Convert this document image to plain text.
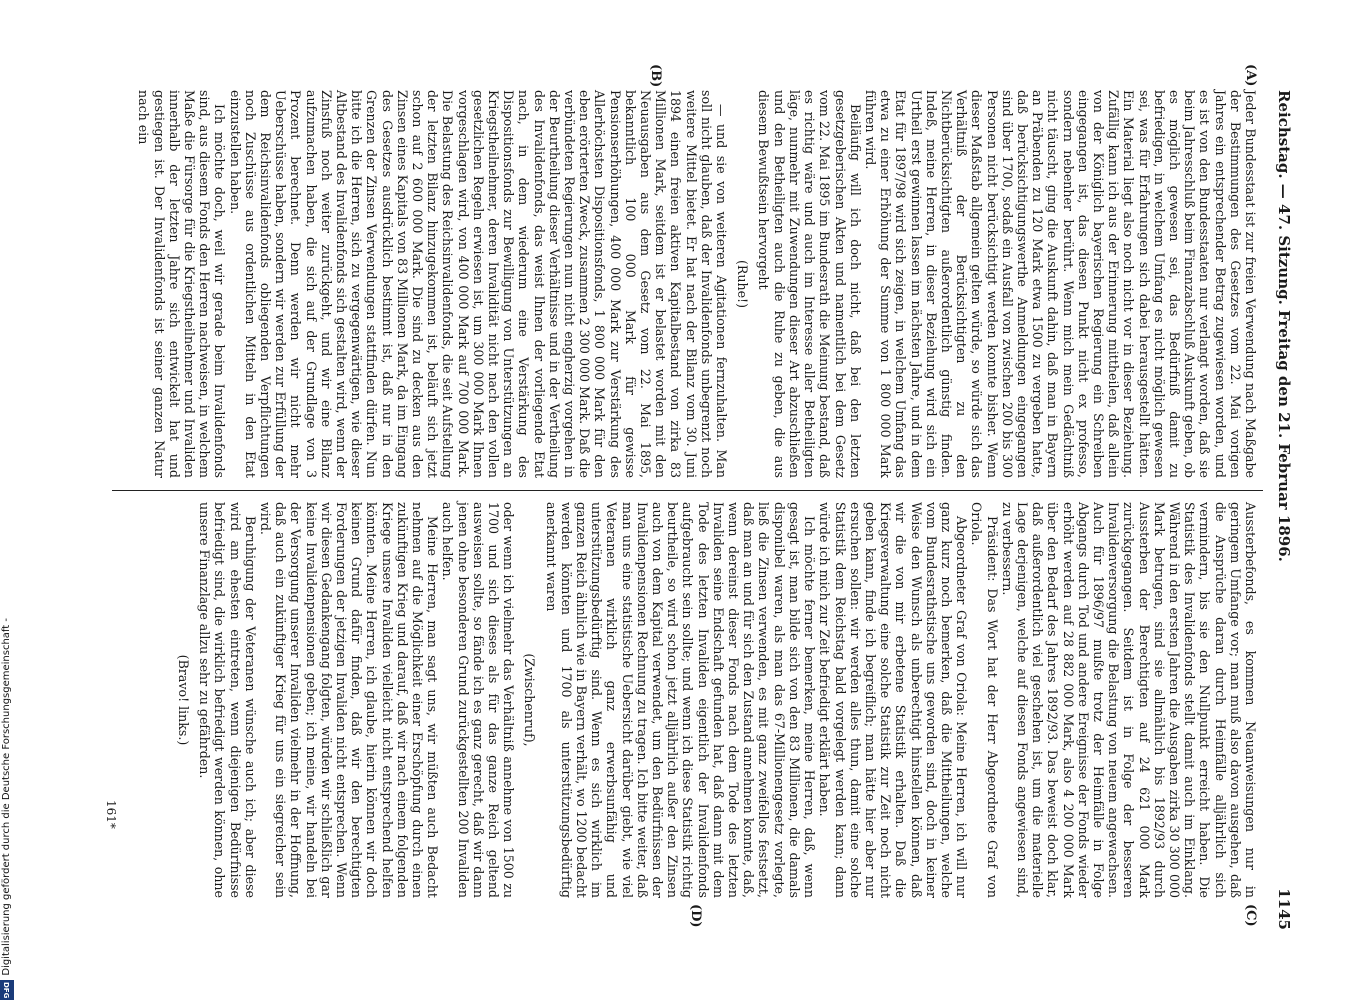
Reichstag. — 47. Sitzung. Freitag den 21. Februar 1896.
1145
(A)
(B)
(C)
(D)

Jeder Bundesstaat ist zur freien Verwendung nach Maßgabe der Bestimmungen des Gesetzes vom 22. Mai vorigen Jahres ein entsprechender Betrag zugewiesen worden, und es ist von den Bundesstaaten nur verlangt worden, daß sie beim Jahresschluß beim Finanzabschluß Auskunft geben, ob es möglich gewesen sei, das Bedürfniß damit zu befriedigen, in welchem Umfang es nicht möglich gewesen sei, was für Erfahrungen sich dabei herausgestellt hätten. Ein Material liegt also noch nicht vor in dieser Beziehung. Zufällig kann ich aus der Erinnerung mittheilen, daß allein von der Königlich bayerischen Regierung ein Schreiben eingegangen ist, das diesen Punkt nicht ex professo, sondern nebenher berührt. Wenn mich mein Gedächtniß nicht täuscht, ging die Auskunft dahin, daß man in Bayern an Präbenden zu 120 Mark etwa 1500 zu vergeben hatte, daß berücksichtigungswerthe Anmeldungen eingegangen sind über 1700, sodaß ein Ausfall von zwischen 200 bis 300 Personen nicht berücksichtigt werden konnte bisher. Wenn dieser Maßstab allgemein gelten würde, so würde sich das Verhältniß der Berücksichtigten zu den Nichtberücksichtigten außerordentlich günstig finden. Indeß, meine Herren, in dieser Beziehung wird sich ein Urtheil erst gewinnen lassen im nächsten Jahre, und in dem Etat für 1897/98 wird sich zeigen, in welchem Umfang das etwa zu einer Erhöhung der Summe von 1 800 000 Mark führen wird.

Beiläufig will ich doch nicht, daß bei den letzten gesetzgeberischen Akten und namentlich bei dem Gesetz vom 22. Mai 1895 im Bundesrath die Meinung bestand, daß es richtig wäre und auch im Interesse aller Betheiligten läge, nunmehr mit Zuwendungen dieser Art abzuschließen und den Betheiligten auch die Ruhe zu geben, die aus diesem Bewußtsein hervorgeht

(Ruhe!)

— und sie von weiteren Agitationen fernzuhalten. Man soll nicht glauben, daß der Invalidenfonds unbegrenzt noch weitere Mittel bietet. Er hat nach der Bilanz vom 30. Juni 1894 einen freien aktiven Kapitalbestand von zirka 83 Millionen Mark, seitdem ist er belastet worden mit den Neuausgaben aus dem Gesetz vom 22. Mai 1895, bekanntlich 100 000 Mark für gewisse Pensionserhöhungen, 400 000 Mark zur Verstärkung des Allerhöchsten Dispositionsfonds, 1 800 000 Mark für den eben erörterten Zweck, zusammen 2 300 000 Mark. Daß die verbündeten Regierungen nun nicht engherzig vorgehen in der Beurtheilung dieser Verhältnisse und in der Vertheilung des Invalidenfonds, das weist Ihnen der vorliegende Etat nach, in dem wiederum eine Verstärkung des Dispositionsfonds zur Bewilligung von Unterstützungen an Kriegstheilnehmer, deren Invalidität nicht nach den vollen gesetzlichen Regeln erwiesen ist, um 300 000 Mark Ihnen vorgeschlagen wird, von 400 000 Mark auf 700 000 Mark. Die Belastung des Reichsinvalidenfonds, die seit Aufstellung der letzten Bilanz hinzugekommen ist, beläuft sich jetzt schon auf 2 600 000 Mark. Die sind zu decken aus den Zinsen eines Kapitals von 83 Millionen Mark, da im Eingang des Gesetzes ausdrücklich bestimmt ist, daß nur in den Grenzen der Zinsen Verwendungen stattfinden dürfen. Nun bitte ich die Herren, sich zu vergegenwärtigen, wie dieser Altbestand des Invalidenfonds sich gestalten wird, wenn der Zinsfuß noch weiter zurückgeht, und wir eine Bilanz aufzumachen haben, die sich auf der Grundlage von 3 Prozent berechnet. Denn werden wir nicht mehr Ueberschüsse haben, sondern wir werden zur Erfüllung der dem Reichsinvalidenfonds obliegenden Verpflichtungen noch Zuschüsse aus ordentlichen Mitteln in den Etat einzustellen haben.

Ich möchte doch, weil wir gerade beim Invalidenfonds sind, aus diesem Fonds den Herren nachweisen, in welchem Maße die Fürsorge für die Kriegstheilnehmer und Invaliden innerhalb der letzten Jahre sich entwickelt hat und gestiegen ist. Der Invalidenfonds ist seiner ganzen Natur nach ein

Aussterbefonds, es kommen Neuanweisungen nur in geringem Umfange vor; man muß also davon ausgehen, daß die Ansprüche daran durch Heimfälle alljährlich sich vermindern, bis sie den Nullpunkt erreicht haben. Die Statistik des Invalidenfonds stellt damit auch im Einklang. Während in den ersten Jahren die Ausgaben zirka 30 300 000 Mark betrugen, sind sie allmählich bis 1892/93 durch Aussterben der Berechtigten auf 24 621 000 Mark zurückgegangen. Seitdem ist in Folge der besseren Invalidenversorgung die Belastung von neuem angewachsen. Auch für 1896/97 mußte trotz der Heimfälle in Folge Abgangs durch Tod und andere Ereignisse der Fonds wieder erhöht werden auf 28 882 000 Mark, also 4 200 000 Mark über den Bedarf des Jahres 1892/93. Das beweist doch klar, daß außerordentlich viel geschehen ist, um die materielle Lage derjenigen, welche auf diesen Fonds angewiesen sind, zu verbessern.

Präsident: Das Wort hat der Herr Abgeordnete Graf von Oriola.

Abgeordneter Graf von Oriola: Meine Herren, ich will nur ganz kurz noch bemerken, daß die Mittheilungen, welche vom Bundesrathstische uns geworden sind, doch in keiner Weise den Wunsch als unberechtigt hinstellen können, daß wir die von mir erbetene Statistik erhalten. Daß die Kriegsverwaltung eine solche Statistik zur Zeit noch nicht geben kann, finde ich begreiflich; man hätte hier aber nur ersuchen sollen: wir werden alles thun, damit eine solche Statistik dem Reichstag bald vorgelegt werden kann; dann würde ich mich zur Zeit befriedigt erklärt haben.

Ich möchte ferner bemerken, meine Herren, daß, wenn gesagt ist, man bilde sich von den 83 Millionen, die damals disponibel waren, als man das 67-Millionengesetz vorlegte, ließ die Zinsen verwenden, es mit ganz zweifellos festsetzt, daß man an und für sich den Zustand annehmen konnte, daß, wenn dereinst dieser Fonds nach dem Tode des letzten Invaliden seine Endschaft gefunden hat, daß dann mit dem Tode des letzten Invaliden eigentlich der Invalidenfonds aufgebraucht sein sollte; und wenn ich diese Statistik richtig beurtheile, so wird schon jetzt alljährlich außer den Zinsen auch von dem Kapital verwendet, um den Bedürfnissen der Invalidenpensionen Rechnung zu tragen. Ich bitte weiter, daß man uns eine statistische Uebersicht darüber giebt, wie viel Veteranen wirklich ganz erwerbsunfähig und unterstützungsbedürftig sind. Wenn es sich wirklich im ganzen Reich ähnlich wie in Bayern verhält, wo 1200 bedacht werden könnten und 1700 als unterstützungsbedürftig anerkannt waren

(Zwischenruf),

oder wenn ich vielmehr das Verhältniß annehme von 1500 zu 1700 und sich dieses als für das ganze Reich geltend ausweisen sollte, so fände ich es ganz gerecht, daß wir dann jenen ohne besonderen Grund zurückgestellten 200 Invaliden auch helfen.

Meine Herren, man sagt uns, wir müßten auch Bedacht nehmen auf die Möglichkeit einer Erschöpfung durch einen zukünftigen Krieg und darauf, daß wir nach einem folgenden Kriege unsere Invaliden vielleicht nicht entsprechend helfen könnten. Meine Herren, ich glaube, hierin können wir doch keinen Grund dafür finden, daß wir den berechtigten Forderungen der jetzigen Invaliden nicht entsprechen. Wenn wir diesen Gedankengang folgten, würden wir schließlich gar keine Invalidenpensionen geben; ich meine, wir handeln bei der Versorgung unserer Invaliden vielmehr in der Hoffnung, daß auch ein zukünftiger Krieg für uns ein siegreicher sein wird.

Beruhigung der Veteranen wünsche auch ich; aber diese wird am ehesten eintreten, wenn diejenigen Bedürfnisse befriedigt sind, die wirklich befriedigt werden können, ohne unsere Finanzlage allzu sehr zu gefährden.

(Bravo! links.)

161*
Digitalisierung gefördert durch die Deutsche Forschungsgemeinschaft -
DFG
